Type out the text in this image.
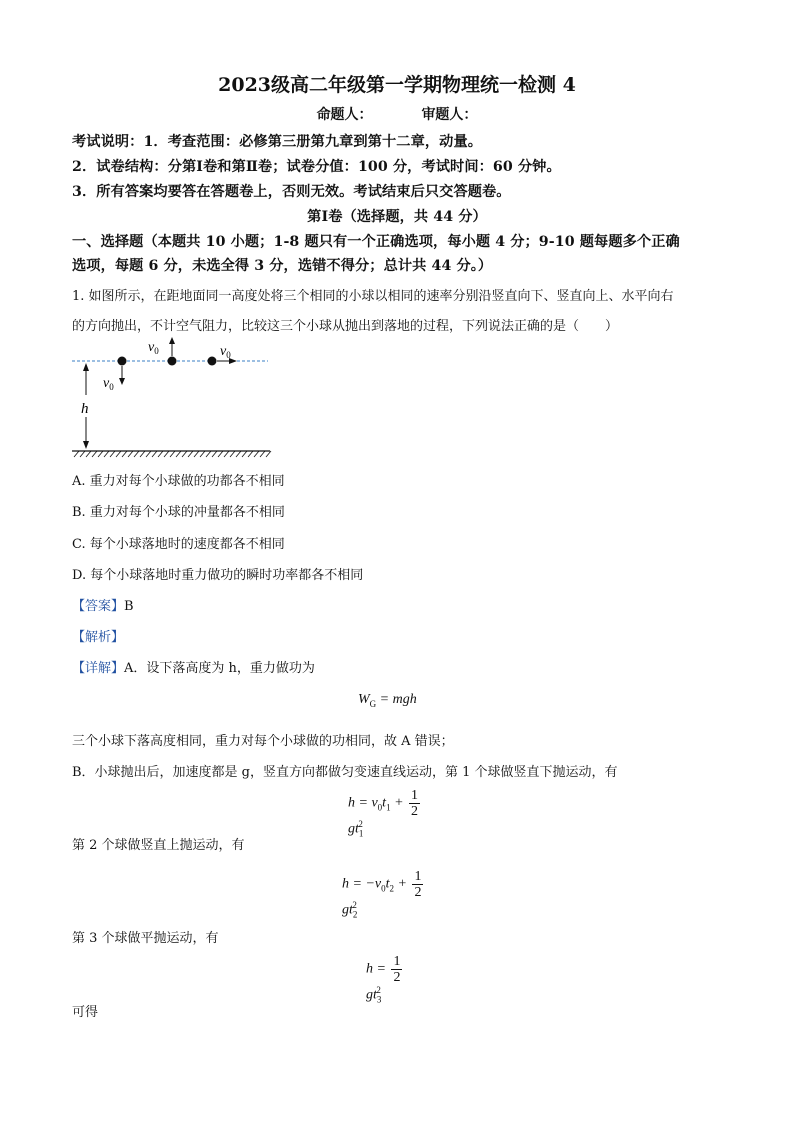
2023级高二年级第一学期物理统一检测 4
命题人：	审题人：
考试说明：1．考查范围：必修第三册第九章到第十二章，动量。
2．试卷结构：分第Ⅰ卷和第Ⅱ卷；试卷分值：100 分，考试时间：60 分钟。
3．所有答案均要答在答题卷上，否则无效。考试结束后只交答题卷。
第Ⅰ卷（选择题，共 44 分）
一、选择题（本题共 10 小题；1-8 题只有一个正确选项，每小题 4 分；9-10 题每题多个正确
选项，每题 6 分，未选全得 3 分，选错不得分；总计共 44 分。）
1. 如图所示，在距地面同一高度处将三个相同的小球以相同的速率分别沿竖直向下、竖直向上、水平向右
的方向抛出，不计空气阻力，比较这三个小球从抛出到落地的过程，下列说法正确的是（　　）
h
$v_0$
$v_0$	$v_0$
A. 重力对每个小球做的功都各不相同
B. 重力对每个小球的冲量都各不相同
C. 每个小球落地时的速度都各不相同
D. 每个小球落地时重力做功的瞬时功率都各不相同
【答案】B
【解析】
【详解】A．设下落高度为 h，重力做功为
$W_G$ = mgh
三个小球下落高度相同，重力对每个小球做的功相同，故 A 错误；
B．小球抛出后，加速度都是 g，竖直方向都做匀变速直线运动，第 1 个球做竖直下抛运动，有
$h = v_0t_1 + \frac{1}{2}$
$gt_1^2$
第 2 个球做竖直上抛运动，有
$h = -v_0t_2 + \frac{1}{2}$
$gt_2^2$
第 3 个球做平抛运动，有
$h = \frac{1}{2}$
$gt_3^2$
可得
